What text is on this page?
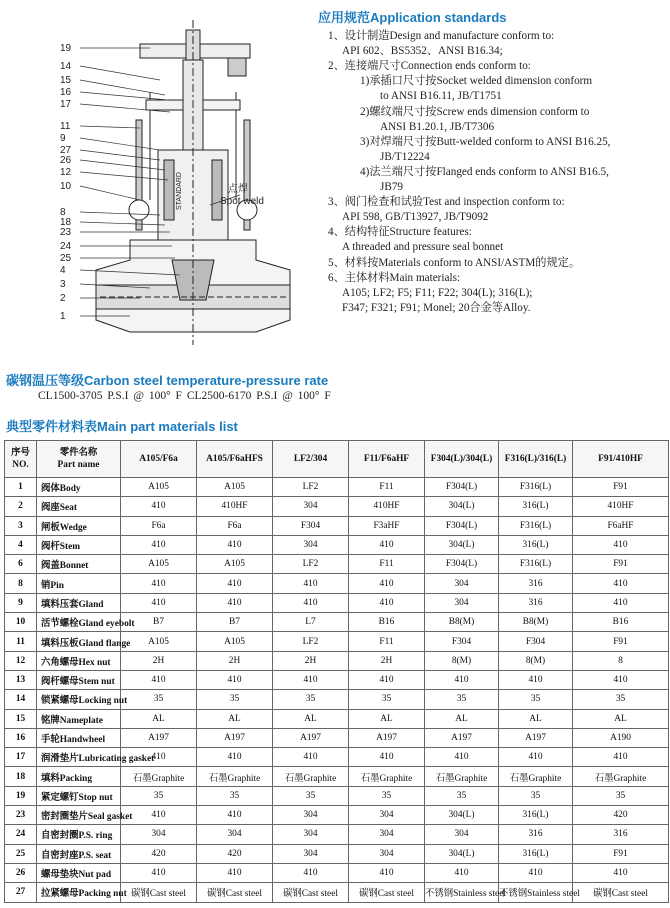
19
14
15
16
17
11
9
27
26
12
10
8
18
23
24
25
4
3
2
1
点焊
Spot weld
STANDARD
应用规范Application standards
1、设计制造Design and manufacture conform to:
API 602、BS5352、ANSI B16.34;
2、连接端尺寸Connection ends conform to:
1)承插口尺寸按Socket welded dimension conform
to ANSI B16.11, JB/T1751
2)螺纹端尺寸按Screw ends dimension conform to
ANSI B1.20.1, JB/T7306
3)对焊端尺寸按Butt-welded conform to ANSI B16.25,
JB/T12224
4)法兰端尺寸按Flanged ends conform to ANSI B16.5,
JB79
3、阀门检查和试验Test and inspection conform to:
API 598, GB/T13927, JB/T9092
4、结构特征Structure features:
A threaded and pressure seal bonnet
5、材料按Materials conform to ANSI/ASTM的规定。
6、主体材料Main materials:
A105; LF2; F5; F11; F22; 304(L); 316(L);
F347; F321; F91; Monel; 20合金等Alloy.
碳钢温压等级Carbon steel temperature-pressure rate
CL1500-3705 P.S.I @ 100° F CL2500-6170 P.S.I @ 100° F
典型零件材料表Main part materials list
序号
NO.	零件名称
Part name	A105/F6a	A105/F6aHFS	LF2/304	F11/F6aHF	F304(L)/304(L)	F316(L)/316(L)	F91/410HF
1	阀体Body	A105	A105	LF2	F11	F304(L)	F316(L)	F91
2	阀座Seat	410	410HF	304	410HF	304(L)	316(L)	410HF
3	闸板Wedge	F6a	F6a	F304	F3aHF	F304(L)	F316(L)	F6aHF
4	阀杆Stem	410	410	304	410	304(L)	316(L)	410
6	阀盖Bonnet	A105	A105	LF2	F11	F304(L)	F316(L)	F91
8	销Pin	410	410	410	410	304	316	410
9	填料压套Gland	410	410	410	410	304	316	410
10	活节螺栓Gland eyebolt	B7	B7	L7	B16	B8(M)	B8(M)	B16
11	填料压板Gland flange	A105	A105	LF2	F11	F304	F304	F91
12	六角螺母Hex nut	2H	2H	2H	2H	8(M)	8(M)	8
13	阀杆螺母Stem nut	410	410	410	410	410	410	410
14	锁紧螺母Locking nut	35	35	35	35	35	35	35
15	铭牌Nameplate	AL	AL	AL	AL	AL	AL	AL
16	手轮Handwheel	A197	A197	A197	A197	A197	A197	A190
17	润滑垫片Lubricating gasket	410	410	410	410	410	410	410
18	填料Packing	石墨Graphite	石墨Graphite	石墨Graphite	石墨Graphite	石墨Graphite	石墨Graphite	石墨Graphite
19	紧定螺钉Stop nut	35	35	35	35	35	35	35
23	密封圈垫片Seal gasket	410	410	304	304	304(L)	316(L)	420
24	自密封圈P.S. ring	304	304	304	304	304	316	316
25	自密封座P.S. seat	420	420	304	304	304(L)	316(L)	F91
26	螺母垫块Nut pad	410	410	410	410	410	410	410
27	拉紧螺母Packing nut	碳钢Cast steel	碳钢Cast steel	碳钢Cast steel	碳钢Cast steel	不锈钢Stainless steel	不锈钢Stainless steel	碳钢Cast steel
